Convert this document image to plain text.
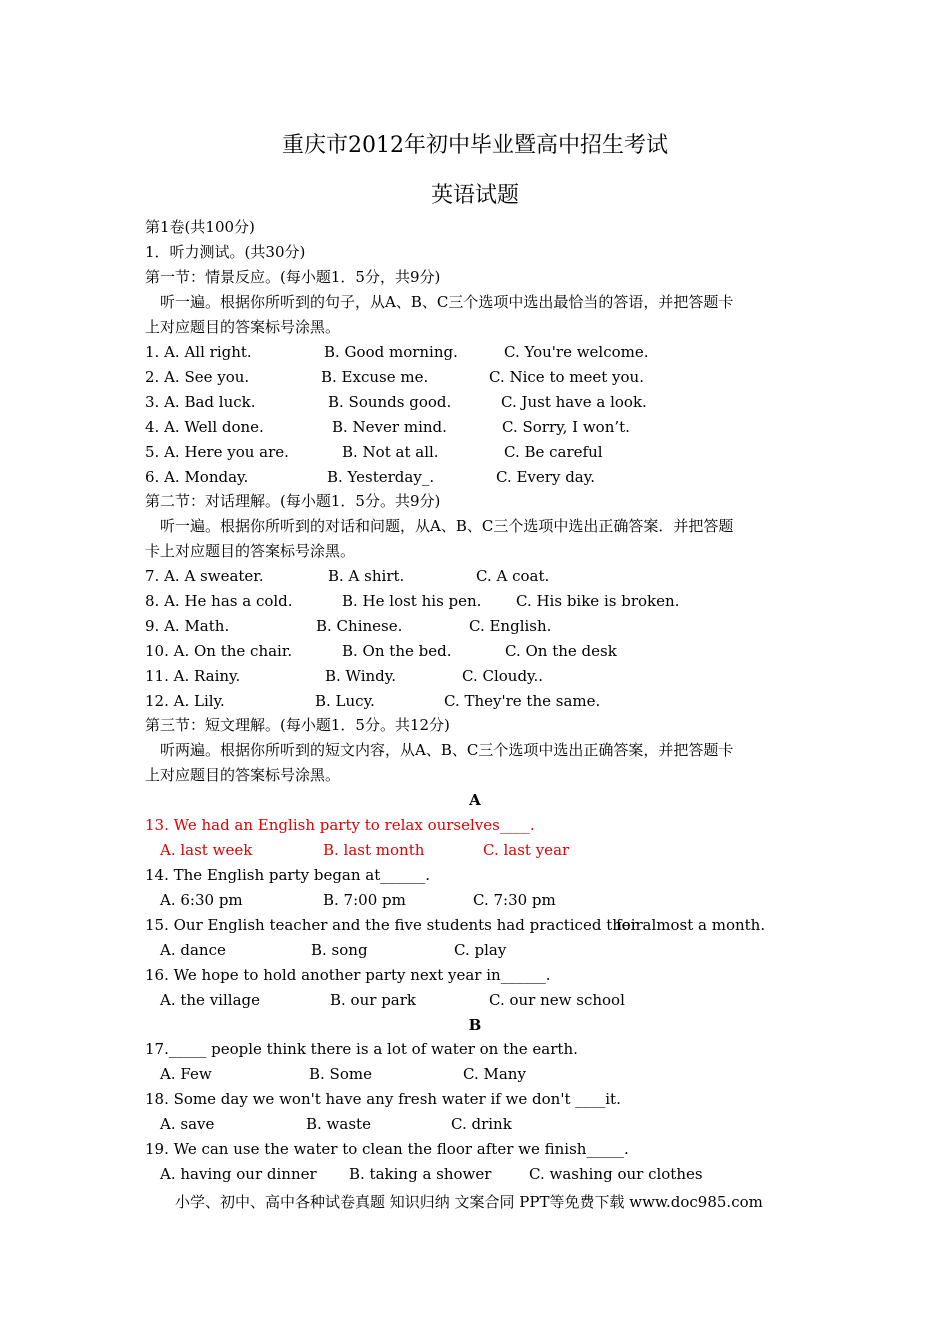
重庆市2012年初中毕业暨高中招生考试
英语试题
第1卷(共100分)
1．听力测试。(共30分)
第一节：情景反应。(每小题1．5分，共9分)
听一遍。根据你所听到的句子，从A、B、C三个选项中选出最恰当的答语，并把答题卡
上对应题目的答案标号涂黑。
1. A. All right.	B. Good morning.	C. You're welcome.
2. A. See you.	B. Excuse me.	C. Nice to meet you.
3. A. Bad luck.	B. Sounds good.	C. Just have a look.
4. A. Well done.	B. Never mind.	C. Sorry, I won’t.
5. A. Here you are.	B. Not at all.	C. Be careful
6. A. Monday.	B. Yesterday_.	C. Every day.
第二节：对话理解。(每小题1．5分。共9分)
听一遍。根据你所听到的对话和问题，从A、B、C三个选项中选出正确答案．并把答题
卡上对应题目的答案标号涂黑。
7. A. A sweater.	B. A shirt.	C. A coat.
8. A. He has a cold.	B. He lost his pen. C. His bike is broken.
9. A. Math.	B. Chinese.	C. English.
10. A. On the chair.	B. On the bed.	C. On the desk
11. A. Rainy.	B. Windy.	C. Cloudy..
12. A. Lily.	B. Lucy.	C. They're the same.
第三节：短文理解。(每小题1．5分。共12分)
听两遍。根据你所听到的短文内容，从A、B、C三个选项中选出正确答案，并把答题卡
上对应题目的答案标号涂黑。
A
13. We had an English party to relax ourselves____.
A. last week	B. last month	C. last year
14. The English party began at______.
A. 6:30 pm	B. 7:00 pm	C. 7:30 pm
15. Our English teacher and the five students had practiced their
for almost a month.
A. dance	B. song	C. play
16. We hope to hold another party next year in______.
A. the village	B. our park	C. our new school
B
17._____ people think there is a lot of water on the earth.
A. Few	B. Some	C. Many
18. Some day we won't have any fresh water if we don't ____it.
A. save	B. waste	C. drink
19. We can use the water to clean the floor after we finish_____.
A. having our dinner B. taking a shower	C. washing our clothes
小学、初中、高中各种试卷真题 知识归纳 文案合同 PPT等免费下载 www.doc985.com
